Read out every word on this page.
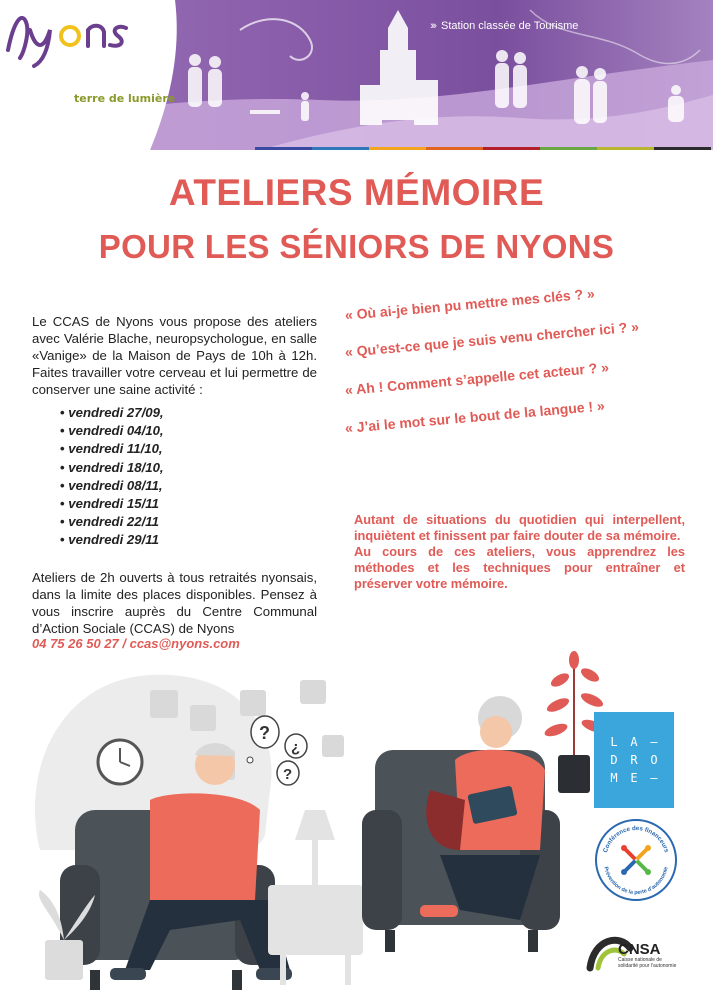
terre de lumière
››› Station classée de Tourisme
ATELIERS MÉMOIRE
POUR LES SÉNIORS DE NYONS

Le CCAS de Nyons vous propose des ateliers avec Valérie Blache, neuropsychologue, en salle «Vanige» de la Maison de Pays de 10h à 12h. Faites travailler votre cerveau et lui permettre de conserver une saine activité :

• vendredi 27/09,
• vendredi 04/10,
• vendredi 11/10,
• vendredi 18/10,
• vendredi 08/11,
• vendredi 15/11
• vendredi 22/11
• vendredi 29/11

Ateliers de 2h ouverts à tous retraités nyonsais, dans la limite des places disponibles. Pensez à vous inscrire auprès du Centre Communal d’Action Sociale (CCAS) de Nyons

04 75 26 50 27 / ccas@nyons.com
« Où ai-je bien pu mettre mes clés ? »
« Qu’est-ce que je suis venu chercher ici ? »
« Ah ! Comment s’appelle cet acteur ? »
« J’ai le mot sur le bout de la langue ! »

Autant de situations du quotidien qui interpellent, inquiètent et finissent par faire douter de sa mémoire.

Au cours de ces ateliers, vous apprendrez les méthodes et les techniques pour entraîner et préserver votre mémoire.

?
¿
?
L A –
D R O
M E –
Conférence des financeurs
Prévention de la perte d’autonomie
CNSA
Caisse nationale de solidarité pour l’autonomie
